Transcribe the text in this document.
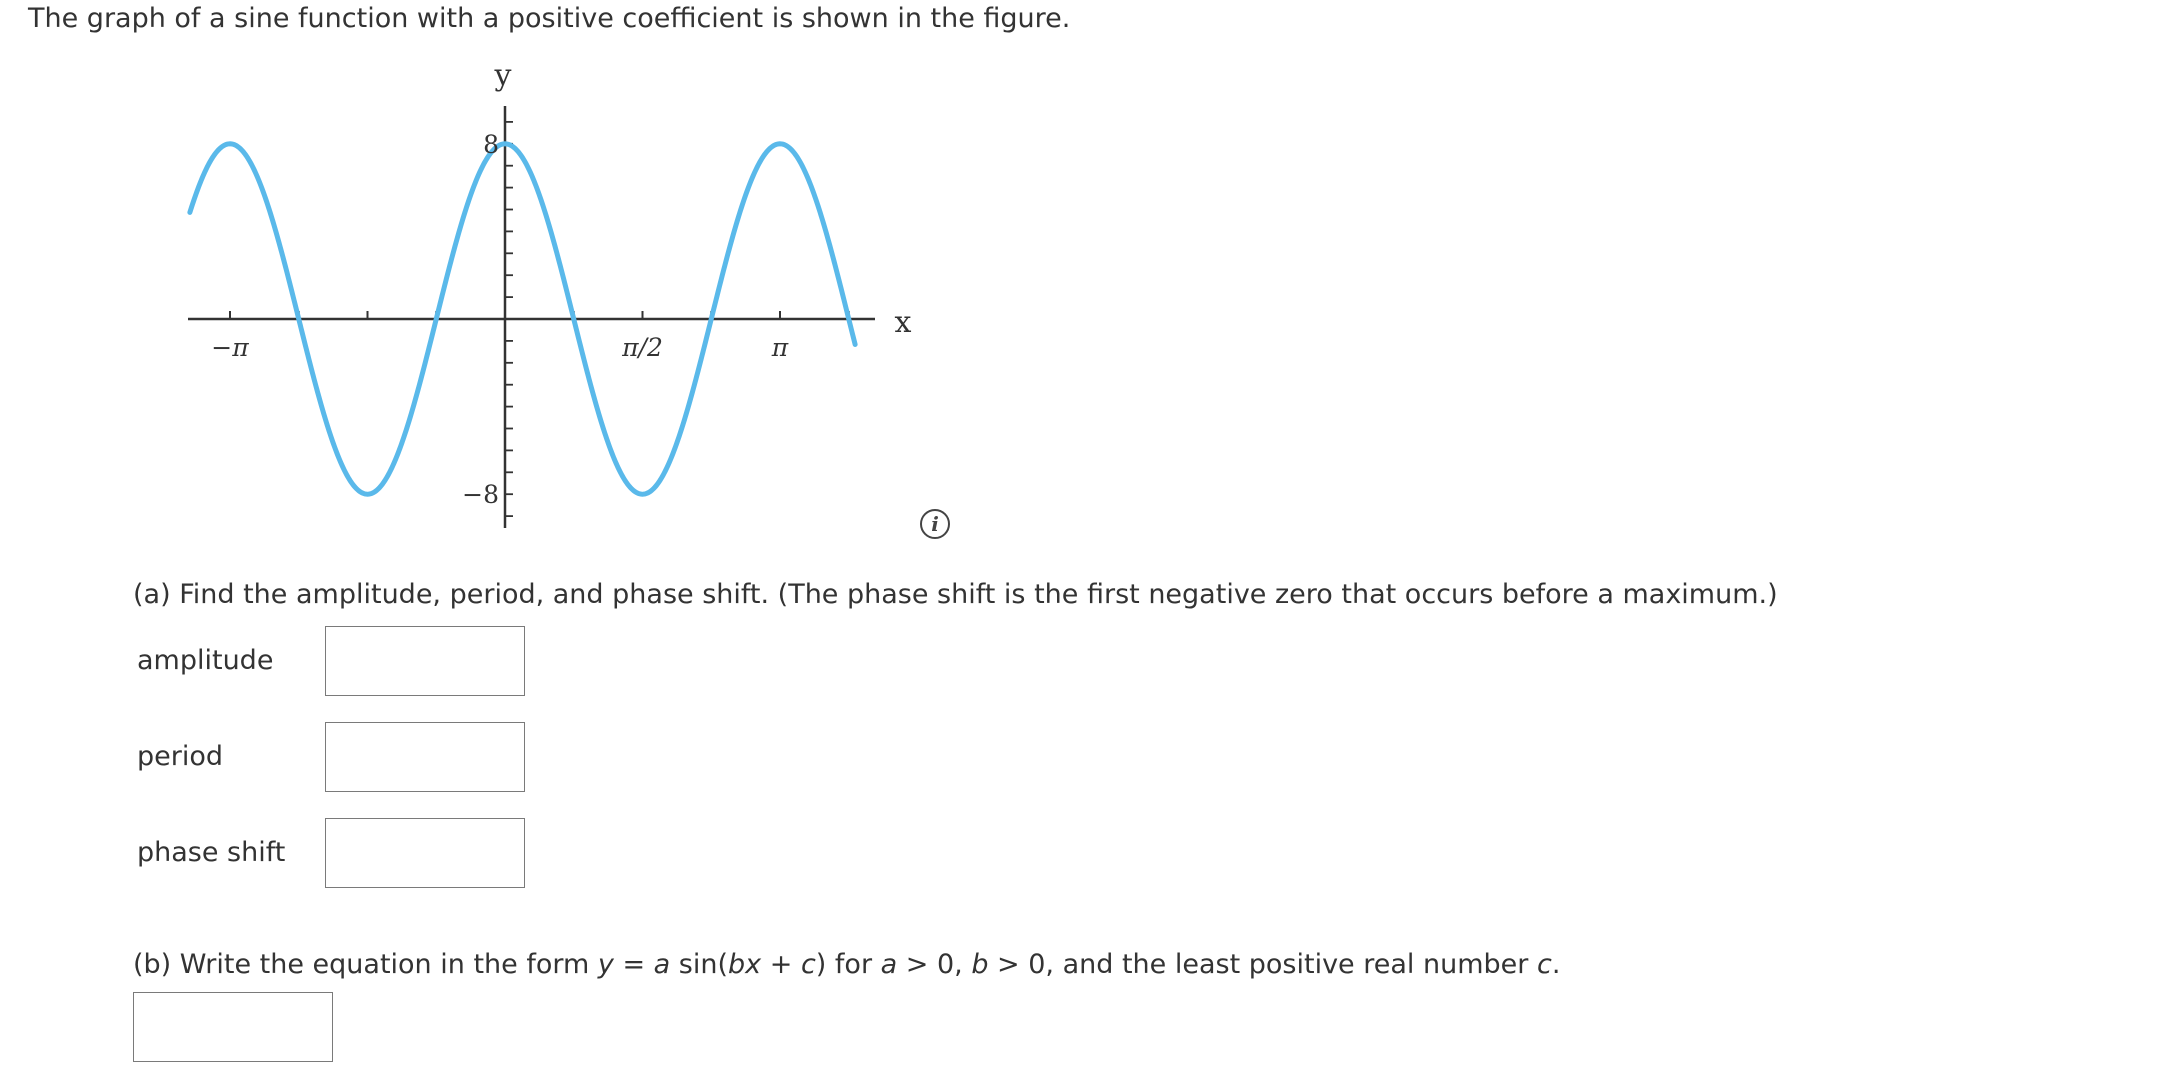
The graph of a sine function with a positive coefficient is shown in the figure.
y
x
−π	π/2	π
8
−8
i
(a) Find the amplitude, period, and phase shift. (The phase shift is the first negative zero that occurs before a maximum.)
amplitude
period
phase shift
(b) Write the equation in the form y = a sin(bx + c) for a > 0, b > 0, and the least positive real number c.
